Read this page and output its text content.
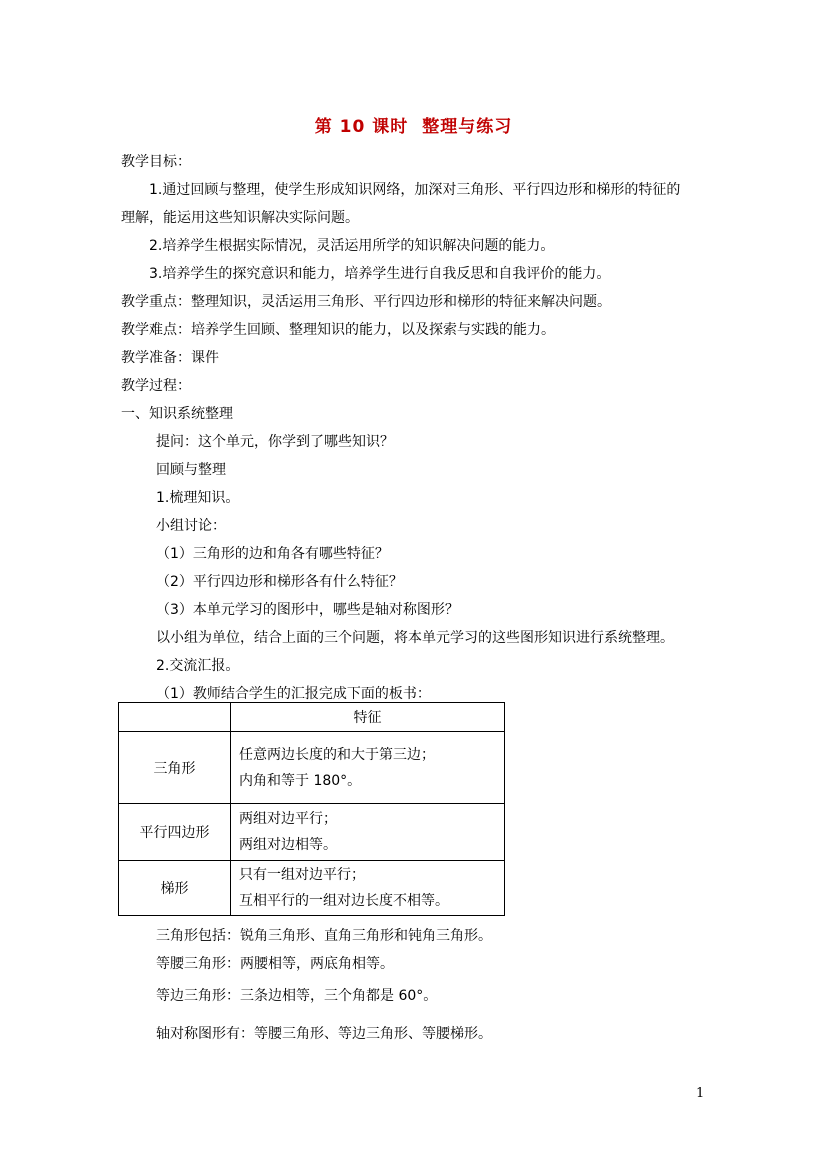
第 10 课时 整理与练习
教学目标：
1.通过回顾与整理，使学生形成知识网络，加深对三角形、平行四边形和梯形的特征的
理解，能运用这些知识解决实际问题。
2.培养学生根据实际情况，灵活运用所学的知识解决问题的能力。
3.培养学生的探究意识和能力，培养学生进行自我反思和自我评价的能力。
教学重点：整理知识，灵活运用三角形、平行四边形和梯形的特征来解决问题。
教学难点：培养学生回顾、整理知识的能力，以及探索与实践的能力。
教学准备：课件
教学过程：
一、知识系统整理
提问：这个单元，你学到了哪些知识？
回顾与整理
1.梳理知识。
小组讨论：
（1）三角形的边和角各有哪些特征？
（2）平行四边形和梯形各有什么特征？
（3）本单元学习的图形中，哪些是轴对称图形？
以小组为单位，结合上面的三个问题，将本单元学习的这些图形知识进行系统整理。
2.交流汇报。
（1）教师结合学生的汇报完成下面的板书：
	特征
三角形	任意两边长度的和大于第三边；
内角和等于 180°。

平行四边形	两组对边平行；
两组对边相等。

梯形	只有一组对边平行；
互相平行的一组对边长度不相等。
三角形包括：锐角三角形、直角三角形和钝角三角形。
等腰三角形：两腰相等，两底角相等。
等边三角形：三条边相等，三个角都是 60°。
轴对称图形有：等腰三角形、等边三角形、等腰梯形。
1
